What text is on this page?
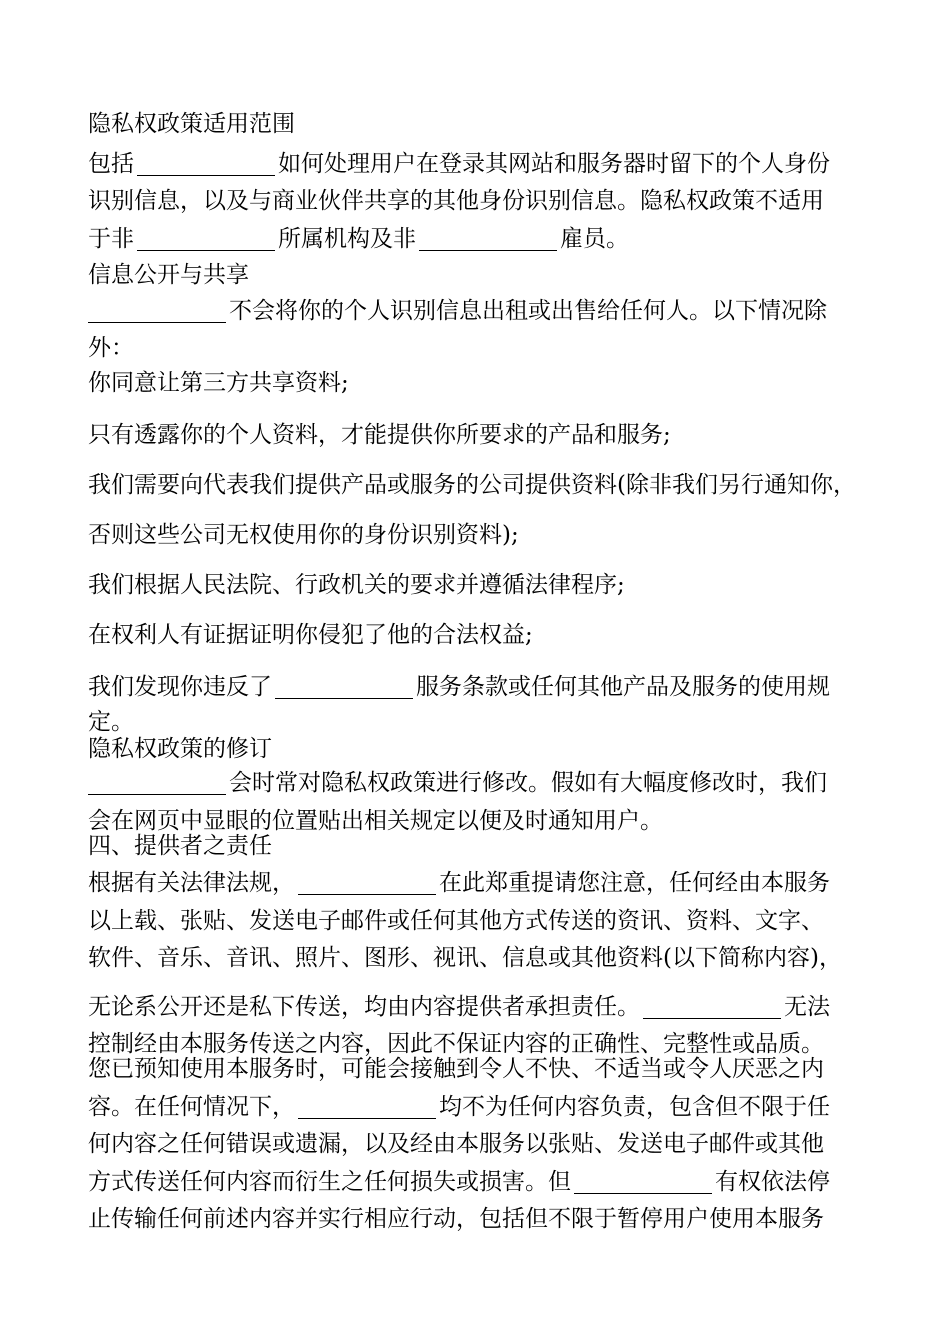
隐私权政策适用范围
包括	如何处理用户在登录其网站和服务器时留下的个人身份
识别信息，以及与商业伙伴共享的其他身份识别信息。隐私权政策不适用
于非	所属机构及非	雇员。
信息公开与共享
不会将你的个人识别信息出租或出售给任何人。以下情况除
外：
你同意让第三方共享资料;
只有透露你的个人资料，才能提供你所要求的产品和服务;
我们需要向代表我们提供产品或服务的公司提供资料(除非我们另行通知你，
否则这些公司无权使用你的身份识别资料);
我们根据人民法院、行政机关的要求并遵循法律程序;
在权利人有证据证明你侵犯了他的合法权益;
我们发现你违反了	服务条款或任何其他产品及服务的使用规
定。
隐私权政策的修订
会时常对隐私权政策进行修改。假如有大幅度修改时，我们
会在网页中显眼的位置贴出相关规定以便及时通知用户。
四、提供者之责任
根据有关法律法规，	在此郑重提请您注意，任何经由本服务
以上载、张贴、发送电子邮件或任何其他方式传送的资讯、资料、文字、
软件、音乐、音讯、照片、图形、视讯、信息或其他资料(以下简称内容)，
无论系公开还是私下传送，均由内容提供者承担责任。	无法
控制经由本服务传送之内容，因此不保证内容的正确性、完整性或品质。
您已预知使用本服务时，可能会接触到令人不快、不适当或令人厌恶之内
容。在任何情况下，	均不为任何内容负责，包含但不限于任
何内容之任何错误或遗漏，以及经由本服务以张贴、发送电子邮件或其他
方式传送任何内容而衍生之任何损失或损害。但	有权依法停
止传输任何前述内容并实行相应行动，包括但不限于暂停用户使用本服务
